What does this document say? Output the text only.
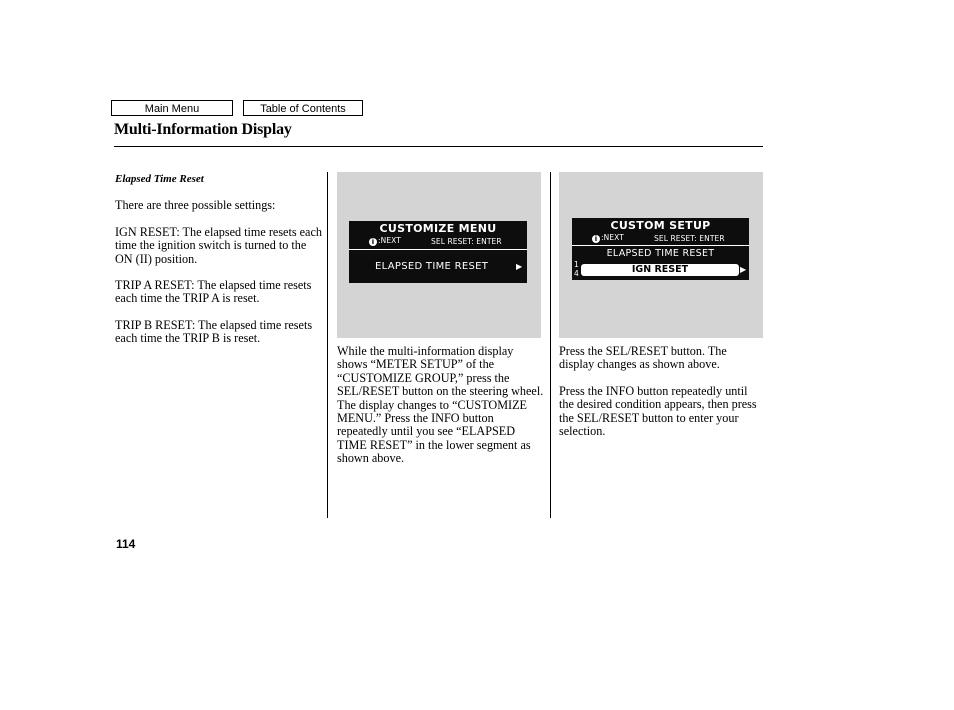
Main Menu	Table of Contents
Multi-Information Display

Elapsed Time Reset

There are three possible settings:

IGN RESET: The elapsed time resets each time the ignition switch is turned to the ON (II) position.

TRIP A RESET: The elapsed time resets each time the TRIP A is reset.

TRIP B RESET: The elapsed time resets each time the TRIP B is reset.

CUSTOMIZE MENU
i :NEXT	SEL RESET: ENTER
ELAPSED TIME RESET	▶
CUSTOM SETUP
i :NEXT	SEL RESET: ENTER
ELAPSED TIME RESET
1
4	IGN RESET	▶

While the multi-information display shows “METER SETUP” of the “CUSTOMIZE GROUP,” press the SEL/RESET button on the steering wheel. The display changes to “CUSTOMIZE MENU.” Press the INFO button repeatedly until you see “ELAPSED TIME RESET” in the lower segment as shown above.

Press the SEL/RESET button. The display changes as shown above.

Press the INFO button repeatedly until the desired condition appears, then press the SEL/RESET button to enter your selection.

114
